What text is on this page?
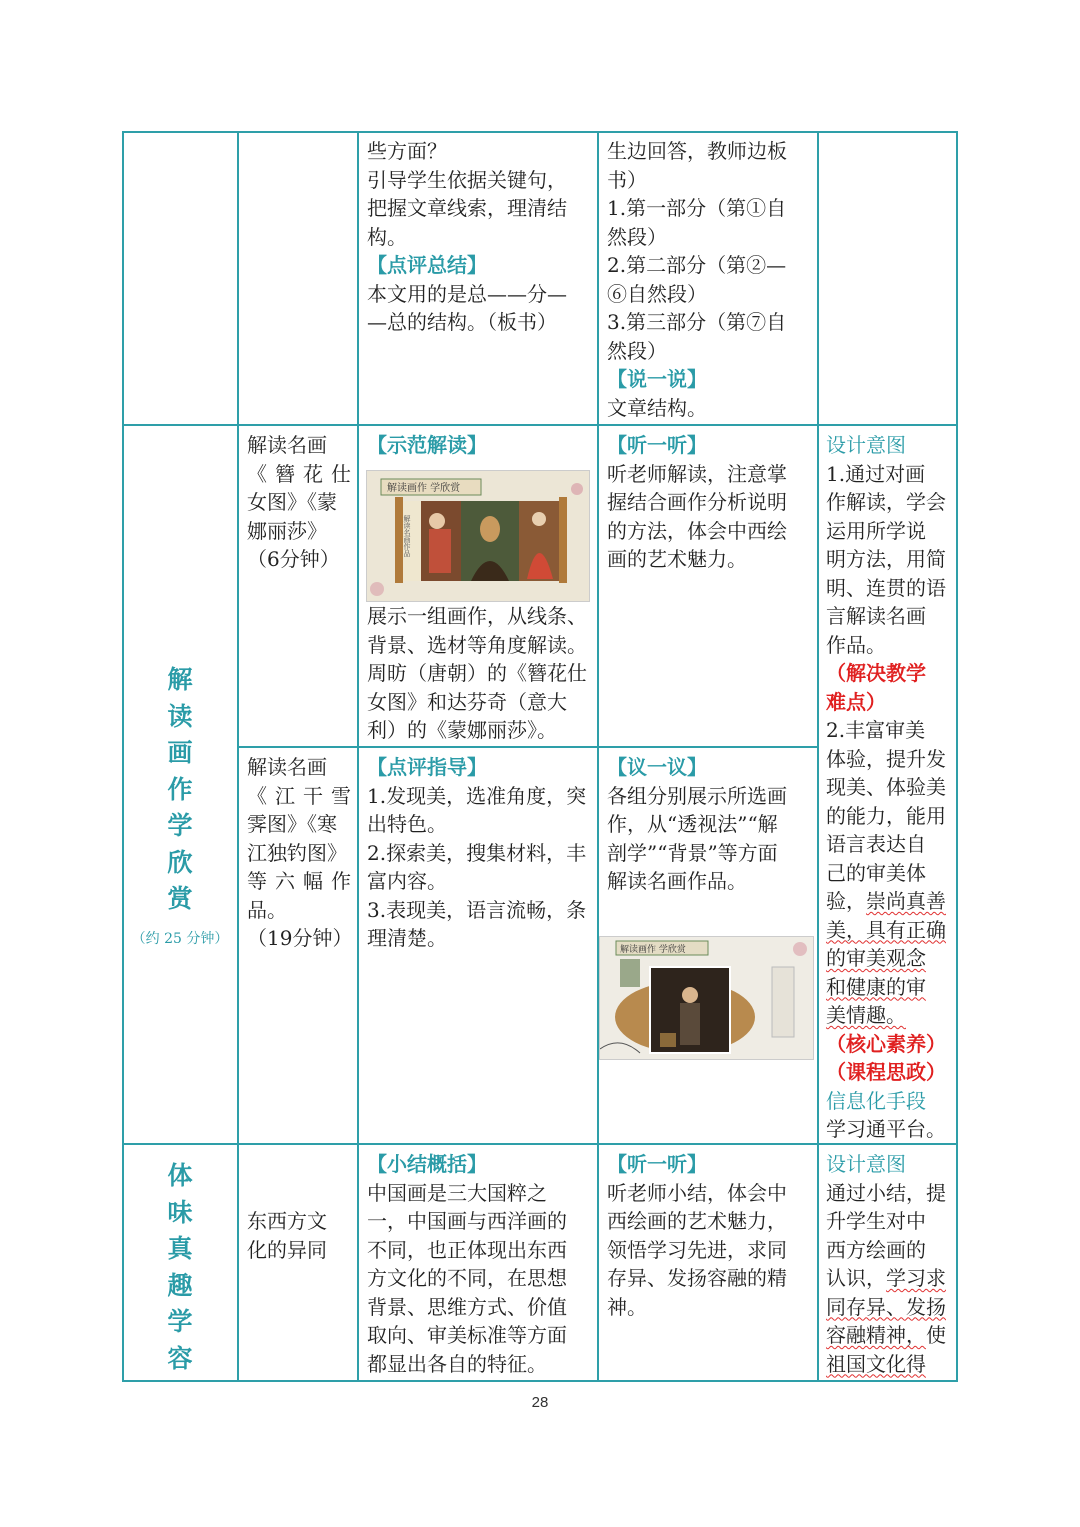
些方面？

引导学生依据关键句，

把握文章线索，理清结

构。

【点评总结】

本文用的是总——分—

—总的结构。（板书）

生边回答，教师边板

书）

1.第一部分（第①自

然段）

2.第二部分（第②—

⑥自然段）

3.第三部分（第⑦自

然段）

【说一说】

文章结构。

解
读
画
作
学
欣
赏
（约 25 分钟）

解读名画

《簪花仕

女图》《蒙

娜丽莎》

（6分钟）

【示范解读】

解读画作 学欣赏
解读名画作品

展示一组画作，从线条、

背景、选材等角度解读。

周昉（唐朝）的《簪花仕

女图》和达芬奇（意大

利）的《蒙娜丽莎》。

【听一听】

听老师解读，注意掌

握结合画作分析说明

的方法，体会中西绘

画的艺术魅力。

设计意图

1.通过对画

作解读，学会

运用所学说

明方法，用简

明、连贯的语

言解读名画

作品。

（解决教学

难点）

2.丰富审美

体验，提升发

现美、体验美

的能力，能用

语言表达自

己的审美体

验，崇尚真善

美，具有正确

的审美观念

和健康的审

美情趣。

（核心素养）

（课程思政）

信息化手段

学习通平台。

解读名画

《江干雪

霁图》《寒

江独钓图》

等六幅作

品。

（19分钟）

【点评指导】

1.发现美，选准角度，突

出特色。

2.探索美，搜集材料，丰

富内容。

3.表现美，语言流畅，条

理清楚。

【议一议】

各组分别展示所选画

作，从“透视法”“解

剖学”“背景”等方面

解读名画作品。

解读画作 学欣赏
体
味
真
趣
学
容

东西方文

化的异同

【小结概括】

中国画是三大国粹之

一，中国画与西洋画的

不同，也正体现出东西

方文化的不同，在思想

背景、思维方式、价值

取向、审美标准等方面

都显出各自的特征。

【听一听】

听老师小结，体会中

西绘画的艺术魅力，

领悟学习先进，求同

存异、发扬容融的精

神。

设计意图

通过小结，提

升学生对中

西方绘画的

认识，学习求

同存异、发扬

容融精神，使

祖国文化得

28
